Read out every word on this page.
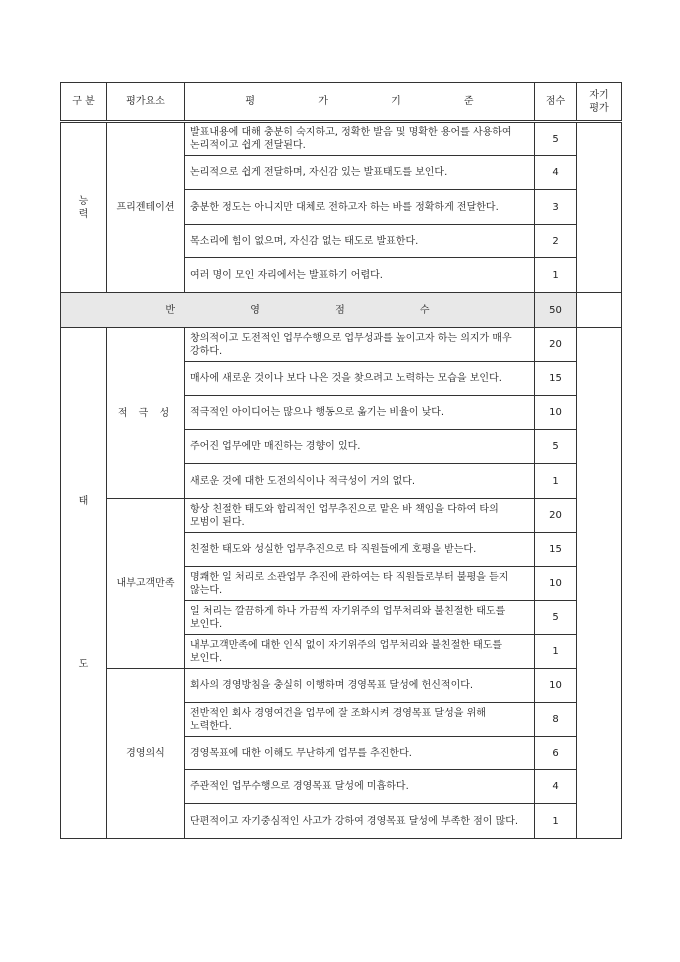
구 분	평가요소	평 가 기 준	점수	자기
평가

능
력	프리젠테이션	발표내용에 대해 충분히 숙지하고, 정확한 발음 및 명확한 용어를 사용하여 논리적이고 쉽게 전달된다.	5	
		논리적으로 쉽게 전달하며, 자신감 있는 발표태도를 보인다.	4	
		충분한 정도는 아니지만 대체로 전하고자 하는 바를 정확하게 전달한다.	3	
		목소리에 힘이 없으며, 자신감 없는 태도로 발표한다.	2	
		여러 명이 모인 자리에서는 발표하기 어렵다.	1	
반 영 점 수			50	

태
도	적 극 성	창의적이고 도전적인 업무수행으로 업무성과를 높이고자 하는 의지가 매우 강하다.	20	
		매사에 새로운 것이나 보다 나은 것을 찾으려고 노력하는 모습을 보인다.	15	
		적극적인 아이디어는 많으나 행동으로 옮기는 비율이 낮다.	10	
		주어진 업무에만 매진하는 경향이 있다.	5	
		새로운 것에 대한 도전의식이나 적극성이 거의 없다.	1	
	내부고객만족	항상 친절한 태도와 합리적인 업무추진으로 맡은 바 책임을 다하여 타의 모범이 된다.	20	
		친절한 태도와 성실한 업무추진으로 타 직원들에게 호평을 받는다.	15	
		명쾌한 일 처리로 소관업무 추진에 관하여는 타 직원들로부터 불평을 듣지 않는다.	10	
		일 처리는 깔끔하게 하나 가끔씩 자기위주의 업무처리와 불친절한 태도를 보인다.	5	
		내부고객만족에 대한 인식 없이 자기위주의 업무처리와 불친절한 태도를 보인다.	1	
	경영의식	회사의 경영방침을 충실히 이행하며 경영목표 달성에 헌신적이다.	10	
		전반적인 회사 경영여건을 업무에 잘 조화시켜 경영목표 달성을 위해 노력한다.	8	
		경영목표에 대한 이해도 무난하게 업무를 추진한다.	6	
		주관적인 업무수행으로 경영목표 달성에 미흡하다.	4	
		단편적이고 자기중심적인 사고가 강하여 경영목표 달성에 부족한 점이 많다.	1	
